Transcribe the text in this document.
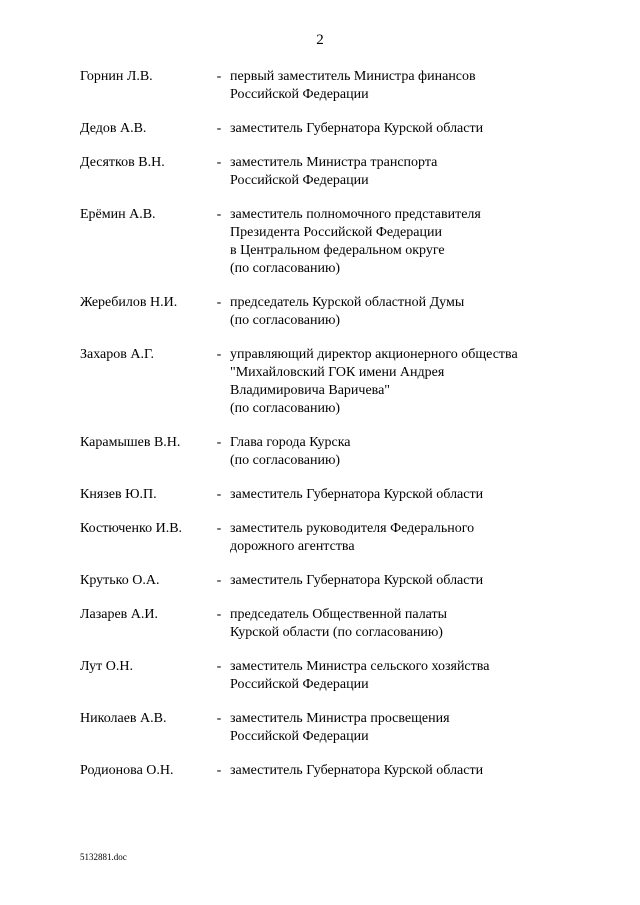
2
Горнин Л.В.	- первый заместитель Министра финансов
Российской Федерации
Дедов А.В.	- заместитель Губернатора Курской области
Десятков В.Н.	- заместитель Министра транспорта
Российской Федерации
Ерёмин А.В.	- заместитель полномочного представителя
Президента Российской Федерации
в Центральном федеральном округе
(по согласованию)
Жеребилов Н.И.	- председатель Курской областной Думы
(по согласованию)
Захаров А.Г.	- управляющий директор акционерного общества
"Михайловский ГОК имени Андрея
Владимировича Варичева"
(по согласованию)
Карамышев В.Н.	- Глава города Курска
(по согласованию)
Князев Ю.П.	- заместитель Губернатора Курской области
Костюченко И.В.	- заместитель руководителя Федерального
дорожного агентства
Крутько О.А.	- заместитель Губернатора Курской области
Лазарев А.И.	- председатель Общественной палаты
Курской области (по согласованию)
Лут О.Н.	- заместитель Министра сельского хозяйства
Российской Федерации
Николаев А.В.	- заместитель Министра просвещения
Российской Федерации
Родионова О.Н.	- заместитель Губернатора Курской области
5132881.doc
